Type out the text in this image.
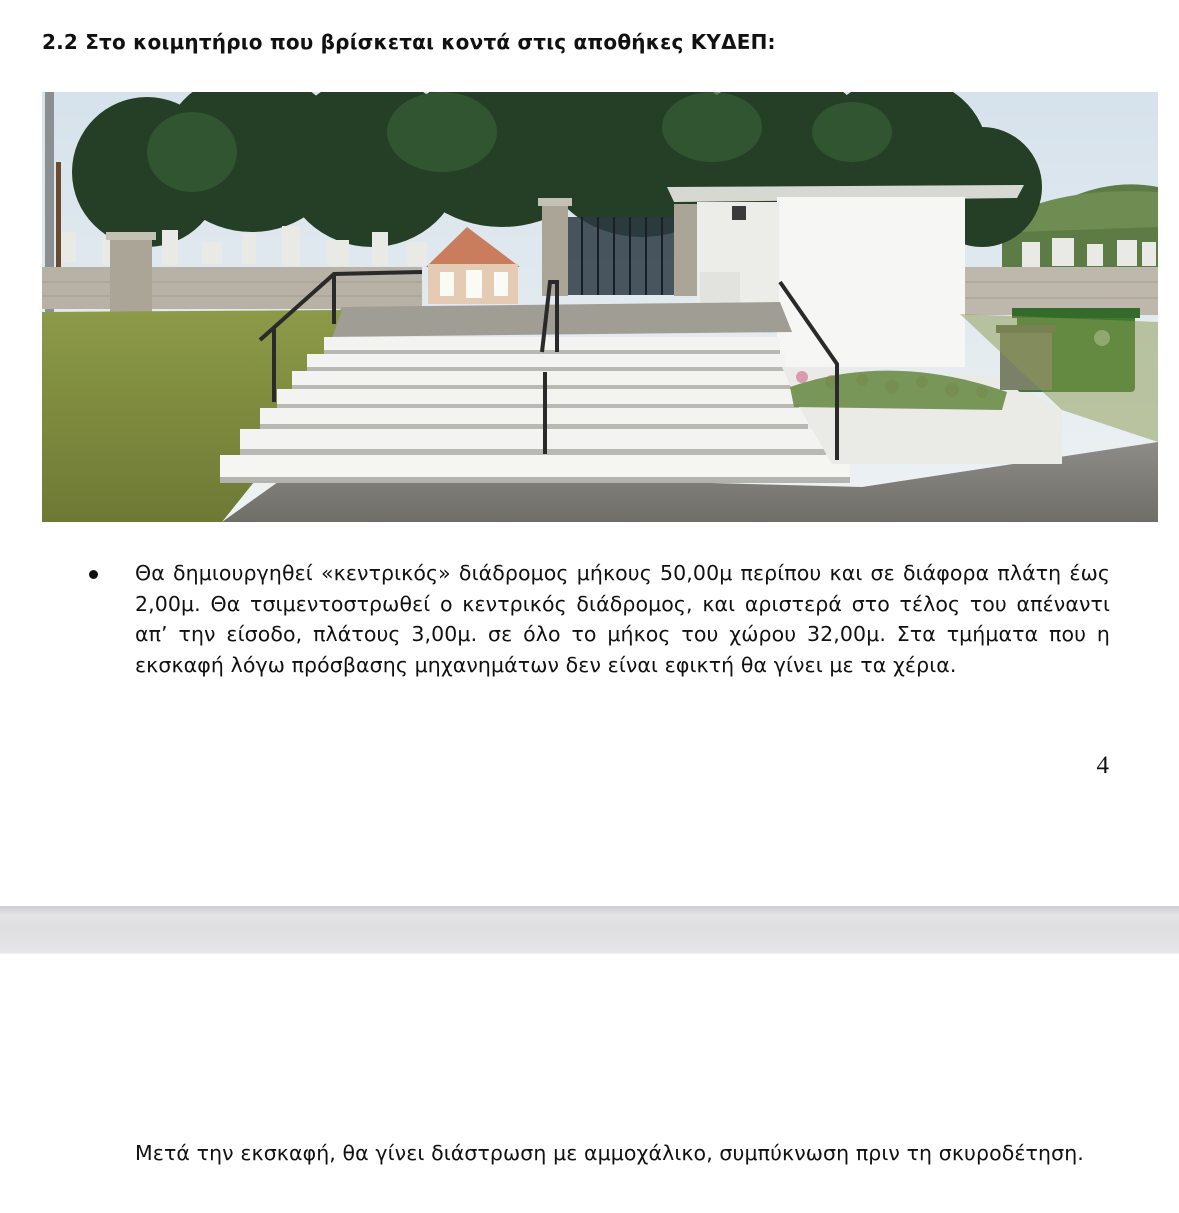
2.2 Στο κοιμητήριο που βρίσκεται κοντά στις αποθήκες ΚΥΔΕΠ:
Θα δημιουργηθεί «κεντρικός» διάδρομος μήκους 50,00μ περίπου και σε διάφορα πλάτη έως 2,00μ. Θα τσιμεντοστρωθεί ο κεντρικός διάδρομος, και αριστερά στο τέλος του απέναντι απ’ την είσοδο, πλάτους 3,00μ. σε όλο το μήκος του χώρου 32,00μ. Στα τμήματα που η εκσκαφή λόγω πρόσβασης μηχανημάτων δεν είναι εφικτή θα γίνει με τα χέρια.
4
Μετά την εκσκαφή, θα γίνει διάστρωση με αμμοχάλικο, συμπύκνωση πριν τη σκυροδέτηση.
